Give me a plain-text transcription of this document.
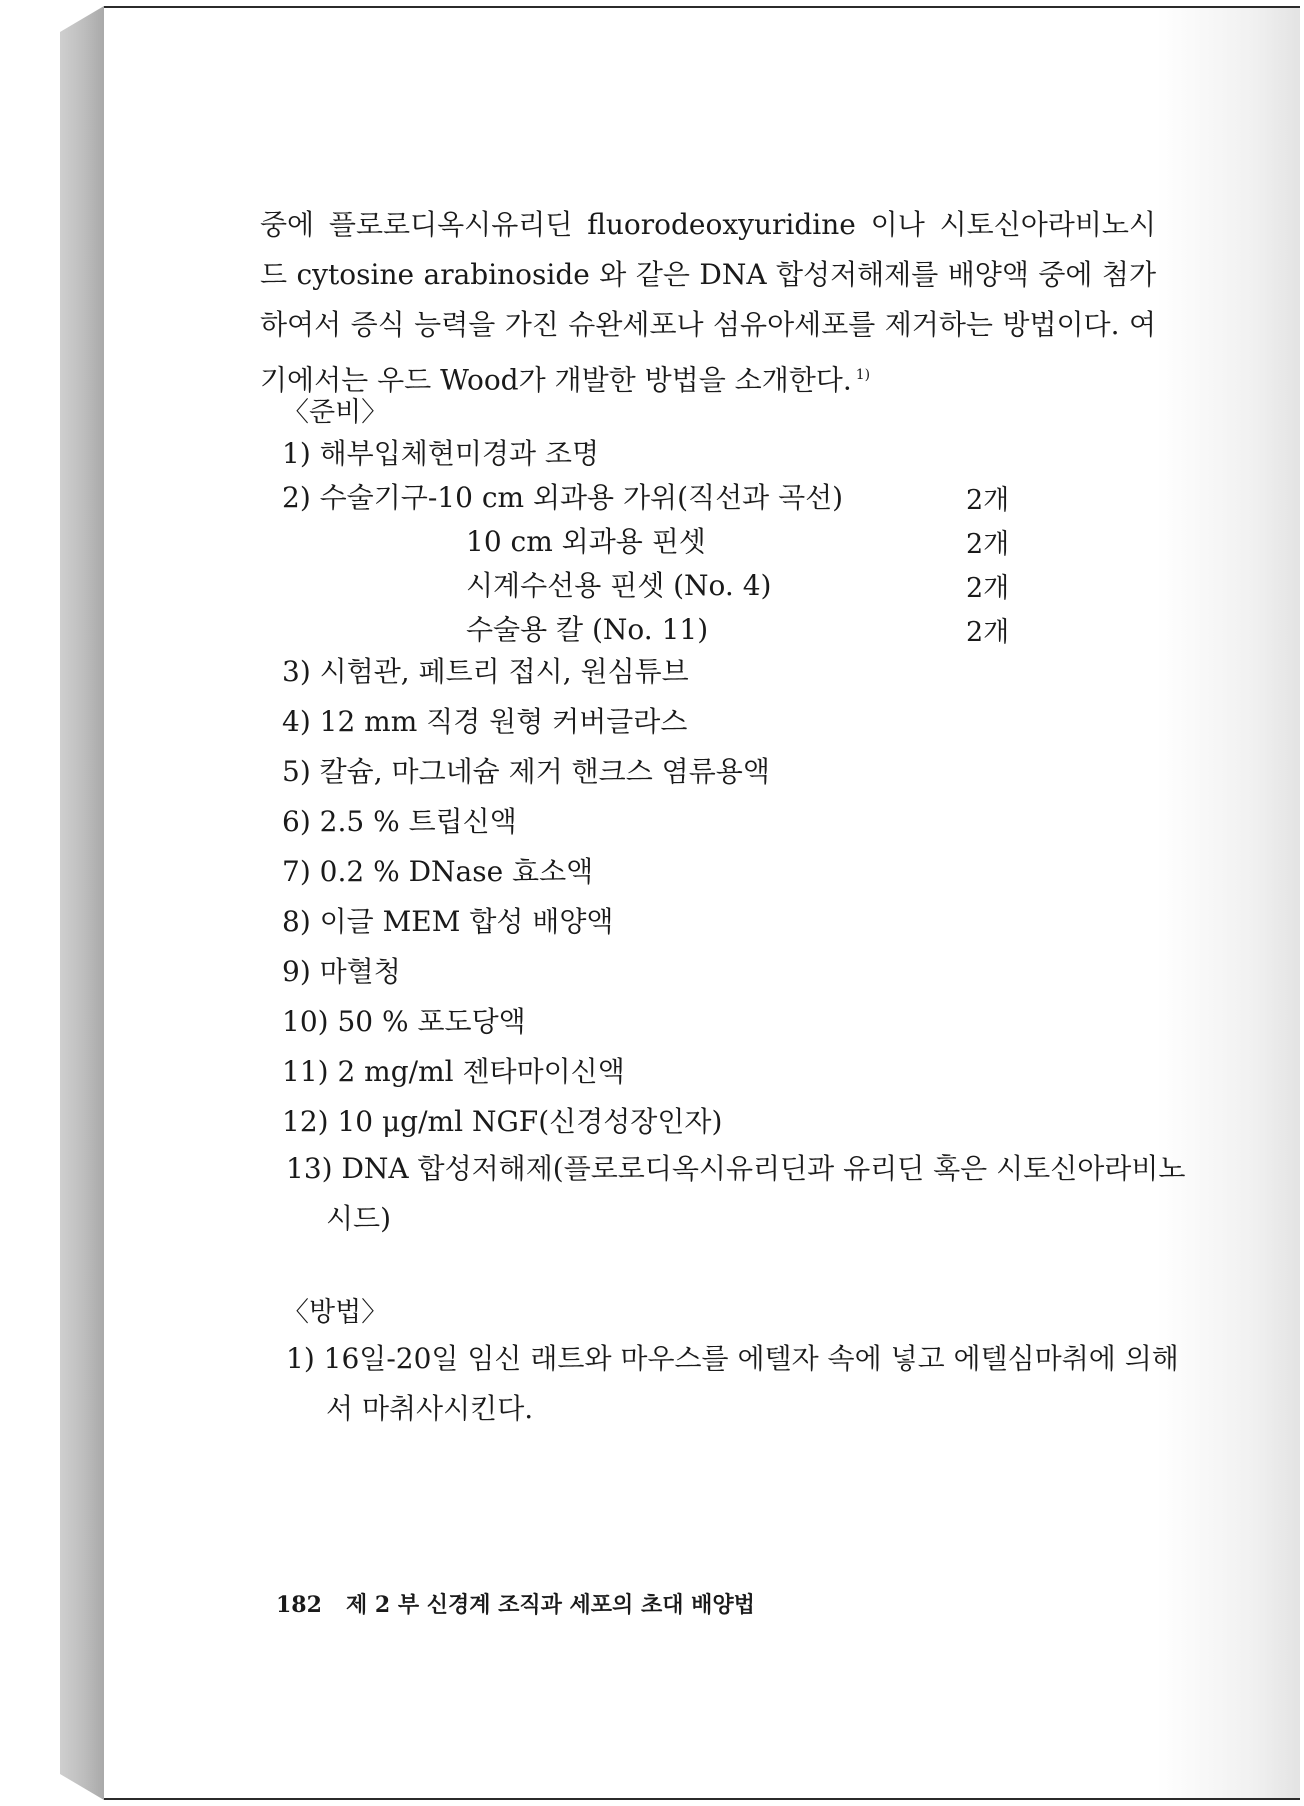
중에 플로로디옥시유리딘 fluorodeoxyuridine 이나 시토신아라비노시드 cytosine arabinoside 와 같은 DNA 합성저해제를 배양액 중에 첨가하여서 증식 능력을 가진 슈완세포나 섬유아세포를 제거하는 방법이다. 여기에서는 우드 Wood가 개발한 방법을 소개한다. $^{1)}$

〈준비〉
1) 해부입체현미경과 조명
2) 수술기구-10 cm 외과용 가위(직선과 곡선)
10 cm 외과용 핀셋
시계수선용 핀셋 (No. 4)
수술용 칼 (No. 11)
2개
2개
2개
2개
3) 시험관, 페트리 접시, 원심튜브
4) 12 mm 직경 원형 커버글라스
5) 칼슘, 마그네슘 제거 핸크스 염류용액
6) 2.5 % 트립신액
7) 0.2 % DNase 효소액
8) 이글 MEM 합성 배양액
9) 마혈청
10) 50 % 포도당액
11) 2 mg/ml 젠타마이신액
12) 10 μg/ml NGF(신경성장인자)
13) DNA 합성저해제(플로로디옥시유리딘과 유리딘 혹은 시토신아라비노시드)
〈방법〉
1) 16일-20일 임신 래트와 마우스를 에텔자 속에 넣고 에텔심마취에 의해서 마취사시킨다.
182 제 2 부 신경계 조직과 세포의 초대 배양법
